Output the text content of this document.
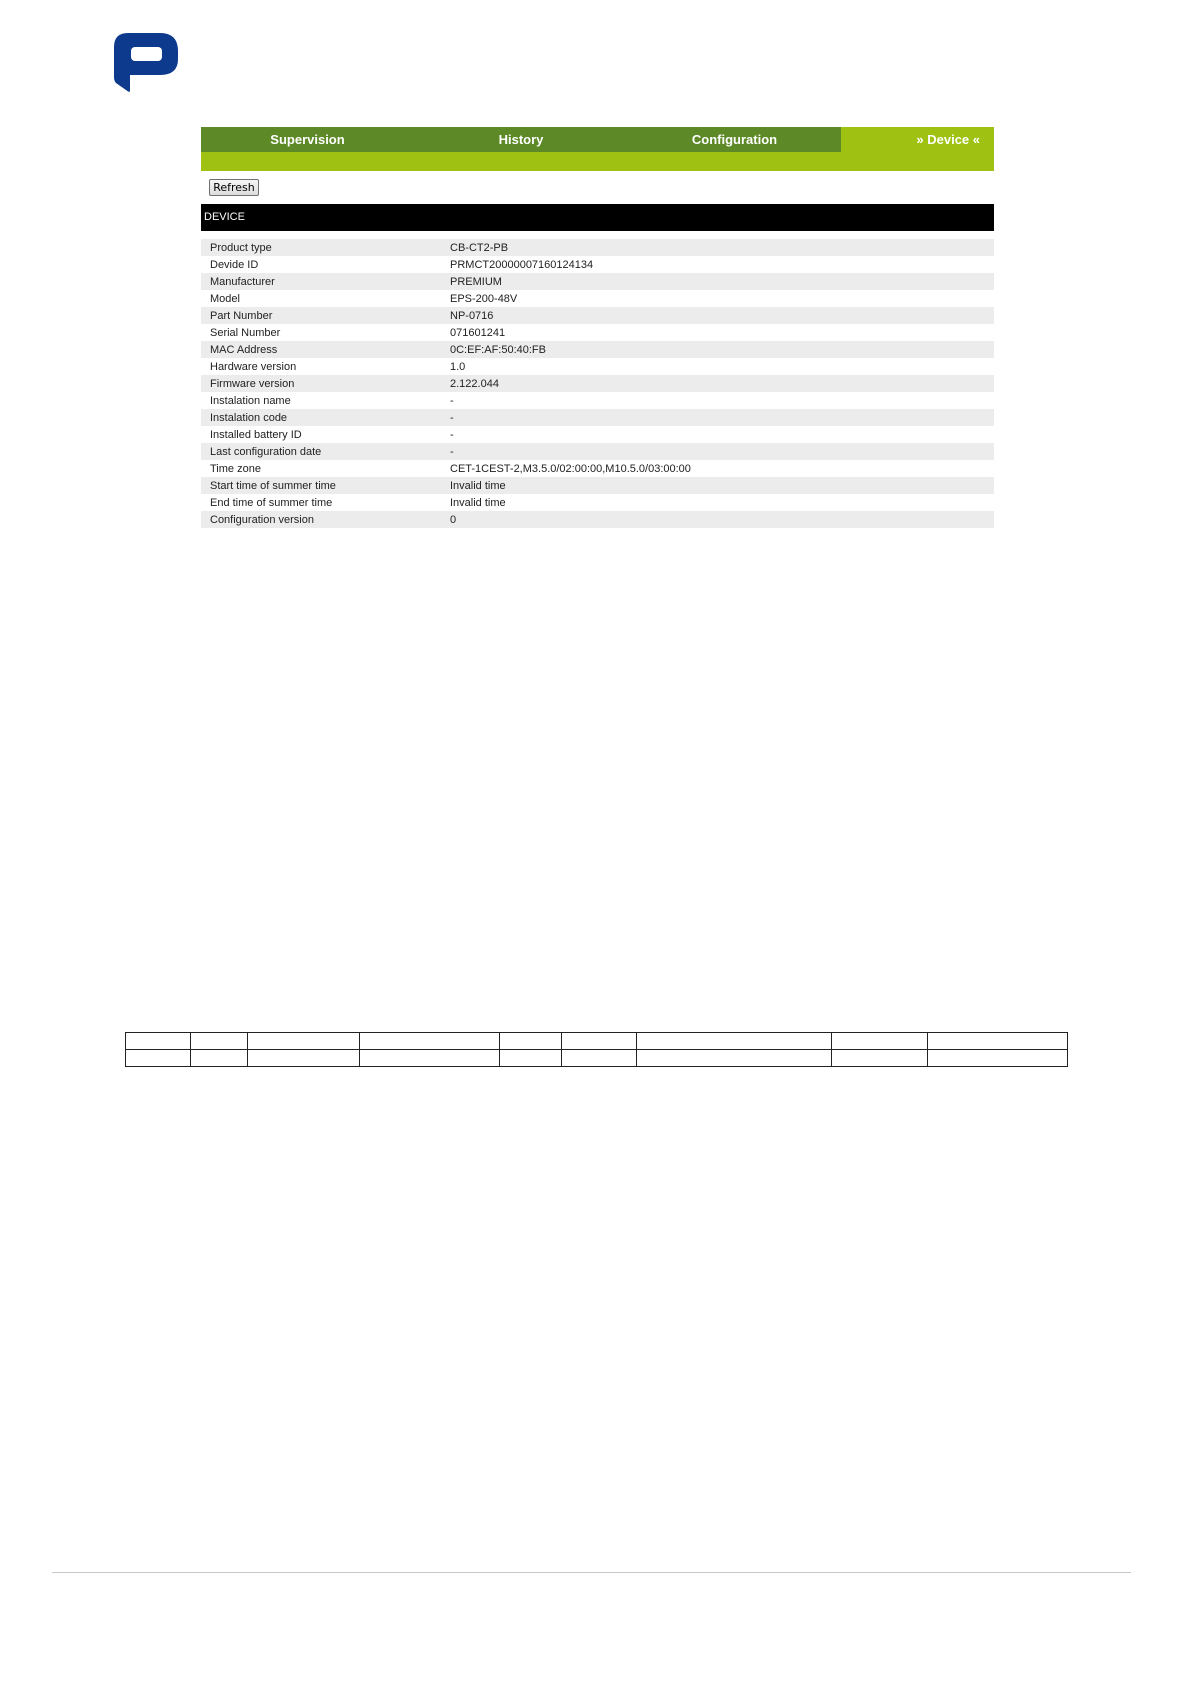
Supervision	History	Configuration	» Device «
Refresh
DEVICE
Product type	CB-CT2-PB
Devide ID	PRMCT20000007160124134
Manufacturer	PREMIUM
Model	EPS-200-48V
Part Number	NP-0716
Serial Number	071601241
MAC Address	0C:EF:AF:50:40:FB
Hardware version	1.0
Firmware version	2.122.044
Instalation name	-
Instalation code	-
Installed battery ID	-
Last configuration date	-
Time zone	CET-1CEST-2,M3.5.0/02:00:00,M10.5.0/03:00:00
Start time of summer time	Invalid time
End time of summer time	Invalid time
Configuration version	0
